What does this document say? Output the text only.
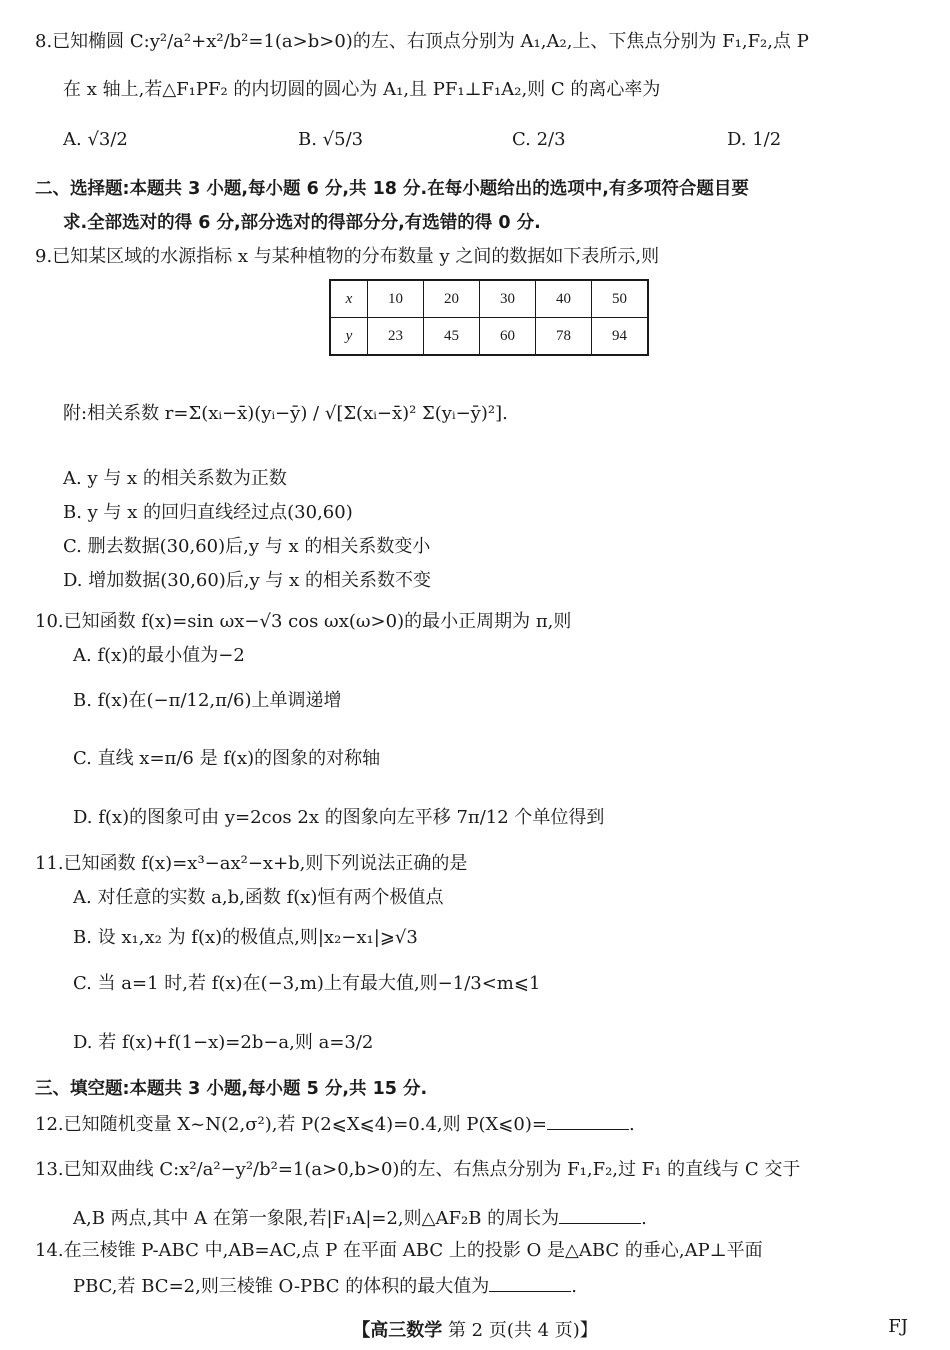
8.已知椭圆 C:y²/a²+x²/b²=1(a>b>0)的左、右顶点分别为 A₁,A₂,上、下焦点分别为 F₁,F₂,点 P
在 x 轴上,若△F₁PF₂ 的内切圆的圆心为 A₁,且 PF₁⊥F₁A₂,则 C 的离心率为
A. √3/2	B. √5/3	C. 2/3	D. 1/2
二、选择题:本题共 3 小题,每小题 6 分,共 18 分.在每小题给出的选项中,有多项符合题目要
求.全部选对的得 6 分,部分选对的得部分分,有选错的得 0 分.
9.已知某区域的水源指标 x 与某种植物的分布数量 y 之间的数据如下表所示,则
x	10	20	30	40	50
y	23	45	60	78	94
附:相关系数 r=Σ(xᵢ−x̄)(yᵢ−ȳ) / √[Σ(xᵢ−x̄)² Σ(yᵢ−ȳ)²].
A. y 与 x 的相关系数为正数
B. y 与 x 的回归直线经过点(30,60)
C. 删去数据(30,60)后,y 与 x 的相关系数变小
D. 增加数据(30,60)后,y 与 x 的相关系数不变
10.已知函数 f(x)=sin ωx−√3 cos ωx(ω>0)的最小正周期为 π,则
A. f(x)的最小值为−2
B. f(x)在(−π/12,π/6)上单调递增
C. 直线 x=π/6 是 f(x)的图象的对称轴
D. f(x)的图象可由 y=2cos 2x 的图象向左平移 7π/12 个单位得到
11.已知函数 f(x)=x³−ax²−x+b,则下列说法正确的是
A. 对任意的实数 a,b,函数 f(x)恒有两个极值点
B. 设 x₁,x₂ 为 f(x)的极值点,则|x₂−x₁|⩾√3
C. 当 a=1 时,若 f(x)在(−3,m)上有最大值,则−1/3<m⩽1
D. 若 f(x)+f(1−x)=2b−a,则 a=3/2
三、填空题:本题共 3 小题,每小题 5 分,共 15 分.
12.已知随机变量 X~N(2,σ²),若 P(2⩽X⩽4)=0.4,则 P(X⩽0)=	.
13.已知双曲线 C:x²/a²−y²/b²=1(a>0,b>0)的左、右焦点分别为 F₁,F₂,过 F₁ 的直线与 C 交于
A,B 两点,其中 A 在第一象限,若|F₁A|=2,则△AF₂B 的周长为	.
14.在三棱锥 P-ABC 中,AB=AC,点 P 在平面 ABC 上的投影 O 是△ABC 的垂心,AP⊥平面
PBC,若 BC=2,则三棱锥 O-PBC 的体积的最大值为	.
【高三数学 第 2 页(共 4 页)】	FJ
